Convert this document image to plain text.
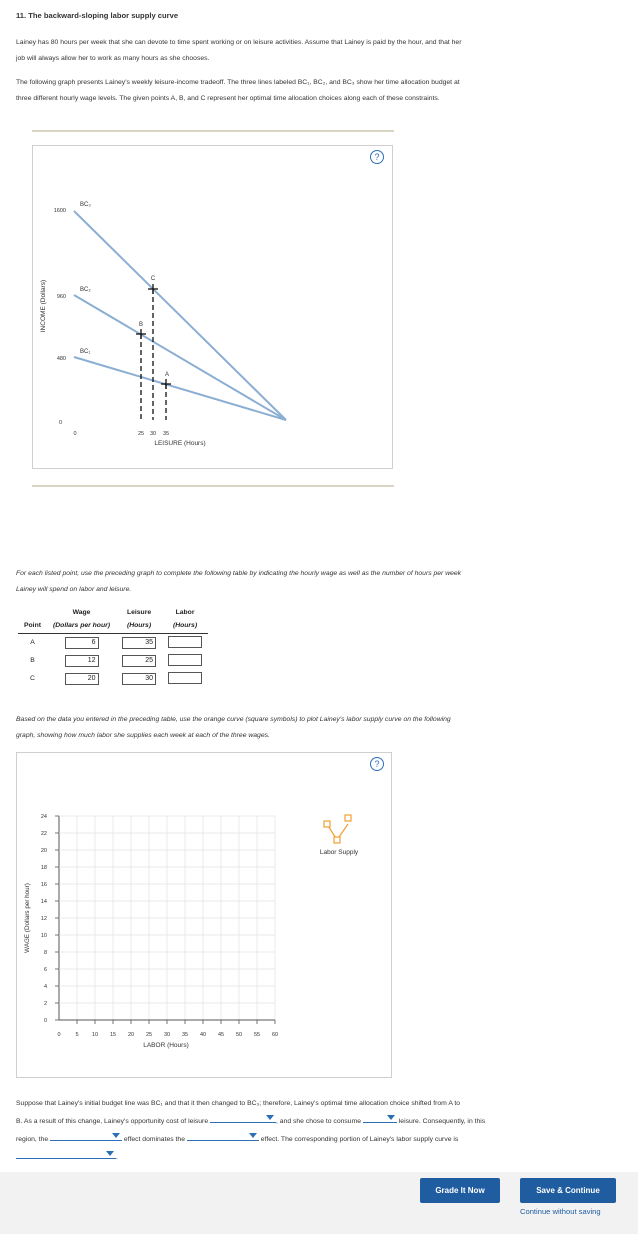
11. The backward-sloping labor supply curve
Lainey has 80 hours per week that she can devote to time spent working or on leisure activities. Assume that Lainey is paid by the hour, and that her
job will always allow her to work as many hours as she chooses.
The following graph presents Lainey's weekly leisure-income tradeoff. The three lines labeled BC₁, BC₂, and BC₃ show her time allocation budget at
three different hourly wage levels. The given points A, B, and C represent her optimal time allocation choices along each of these constraints.
?
INCOME (Dollars)
1600
960
480
0
0	25 30 35
LEISURE (Hours)
BC₃
BC₂
BC₁
C
B
A
For each listed point, use the preceding graph to complete the following table by indicating the hourly wage as well as the number of hours per week
Lainey will spend on labor and leisure.
	Wage	Leisure	Labor
Point	(Dollars per hour)	(Hours)	(Hours)
A	6	35	
B	12	25	
C	20	30	
Based on the data you entered in the preceding table, use the orange curve (square symbols) to plot Lainey's labor supply curve on the following
graph, showing how much labor she supplies each week at each of the three wages.
?
0	5 10 15 20 25 30 35 40 45 50 55 60
0
2
4
6
8
10
12
14
16
18
20
22
24
WAGE (Dollars per hour)
LABOR (Hours)
Labor Supply
Suppose that Lainey's initial budget line was BC₁ and that it then changed to BC₃; therefore, Lainey's optimal time allocation choice shifted from A to
B. As a result of this change, Lainey's opportunity cost of leisure	, and she chose to consume	leisure. Consequently, in this
region, the	effect dominates the	effect. The corresponding portion of Lainey's labor supply curve is
.
Grade It Now	Save & Continue
Continue without saving
